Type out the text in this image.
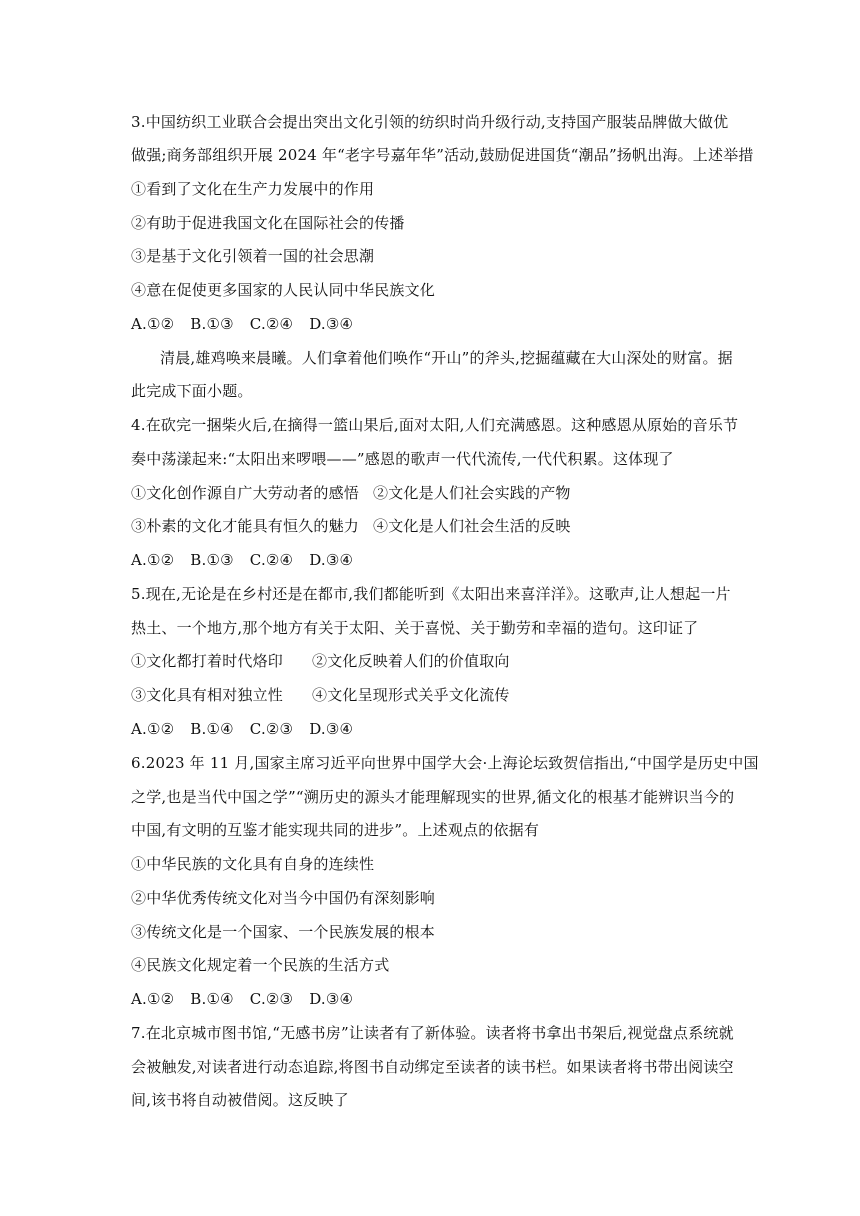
3.中国纺织工业联合会提出突出文化引领的纺织时尚升级行动,支持国产服装品牌做大做优
做强;商务部组织开展 2024 年“老字号嘉年华”活动,鼓励促进国货“潮品”扬帆出海。上述举措
①看到了文化在生产力发展中的作用
②有助于促进我国文化在国际社会的传播
③是基于文化引领着一国的社会思潮
④意在促使更多国家的人民认同中华民族文化
A.①② B.①③ C.②④ D.③④
清晨,雄鸡唤来晨曦。人们拿着他们唤作“开山”的斧头,挖掘蕴藏在大山深处的财富。据
此完成下面小题。
4.在砍完一捆柴火后,在摘得一篮山果后,面对太阳,人们充满感恩。这种感恩从原始的音乐节
奏中荡漾起来:“太阳出来啰喂——”感恩的歌声一代代流传,一代代积累。这体现了
①文化创作源自广大劳动者的感悟 ②文化是人们社会实践的产物
③朴素的文化才能具有恒久的魅力 ④文化是人们社会生活的反映
A.①② B.①③ C.②④ D.③④
5.现在,无论是在乡村还是在都市,我们都能听到《太阳出来喜洋洋》。这歌声,让人想起一片
热土、一个地方,那个地方有关于太阳、关于喜悦、关于勤劳和幸福的造句。这印证了
①文化都打着时代烙印 ②文化反映着人们的价值取向
③文化具有相对独立性 ④文化呈现形式关乎文化流传
A.①② B.①④ C.②③ D.③④
6.2023 年 11 月,国家主席习近平向世界中国学大会·上海论坛致贺信指出,“中国学是历史中国
之学,也是当代中国之学”“溯历史的源头才能理解现实的世界,循文化的根基才能辨识当今的
中国,有文明的互鉴才能实现共同的进步”。上述观点的依据有
①中华民族的文化具有自身的连续性
②中华优秀传统文化对当今中国仍有深刻影响
③传统文化是一个国家、一个民族发展的根本
④民族文化规定着一个民族的生活方式
A.①② B.①④ C.②③ D.③④
7.在北京城市图书馆,“无感书房”让读者有了新体验。读者将书拿出书架后,视觉盘点系统就
会被触发,对读者进行动态追踪,将图书自动绑定至读者的读书栏。如果读者将书带出阅读空
间,该书将自动被借阅。这反映了
